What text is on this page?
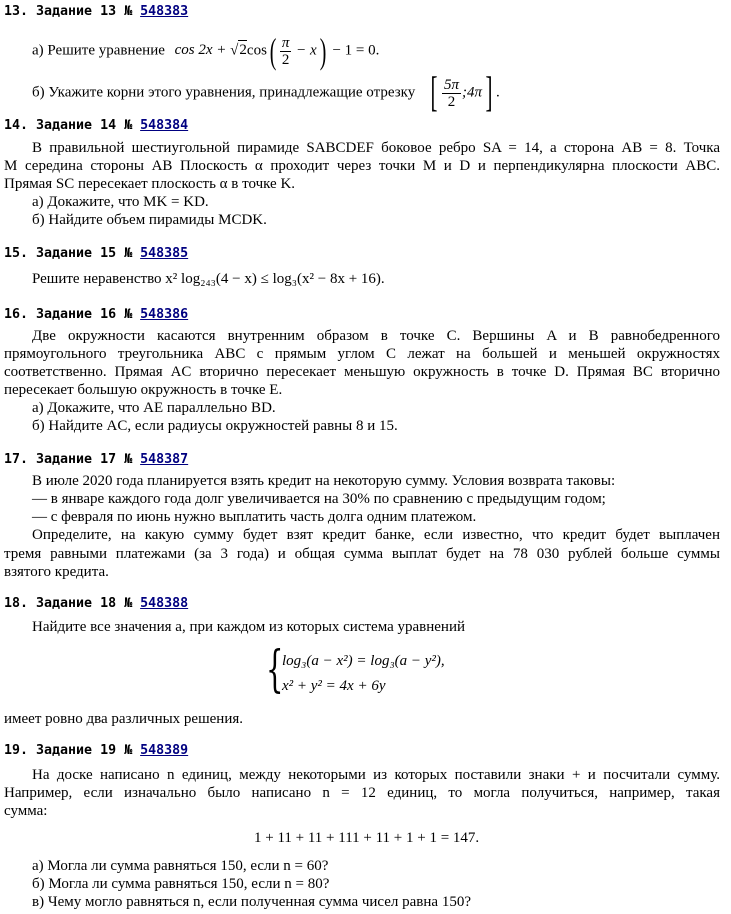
13. Задание 13 № 548383
а) Решите уравнение $\cos 2x + √2\cos( \frac{\pi}{2} - x) - 1 = 0$.
б) Укажите корни этого уравнения, принадлежащие отрезку [ $\frac{5\pi}{2}$ ;4π] .
14. Задание 14 № 548384
В правильной шестиугольной пирамиде SABCDEF боковое ребро SA = 14, а сторона AB = 8. Точка
M середина стороны AB Плоскость α проходит через точки M и D и перпендикулярна плоскости ABC.
Прямая SC пересекает плоскость α в точке K.
а) Докажите, что MK = KD.
б) Найдите объем пирамиды MCDK.
15. Задание 15 № 548385
Решите неравенство x² log₂₄₃(4 − x) ≤ log₃(x² − 8x + 16).
16. Задание 16 № 548386
Две окружности касаются внутренним образом в точке C. Вершины A и B равнобедренного
прямоугольного треугольника ABC с прямым углом C лежат на большей и меньшей окружностях
соответственно. Прямая AC вторично пересекает меньшую окружность в точке D. Прямая BC вторично
пересекает большую окружность в точке E.
а) Докажите, что AE параллельно BD.
б) Найдите AC, если радиусы окружностей равны 8 и 15.
17. Задание 17 № 548387
В июле 2020 года планируется взять кредит на некоторую сумму. Условия возврата таковы:
— в январе каждого года долг увеличивается на 30% по сравнению с предыдущим годом;
— с февраля по июнь нужно выплатить часть долга одним платежом.
Определите, на какую сумму будет взят кредит банке, если известно, что кредит будет выплачен
тремя равными платежами (за 3 года) и общая сумма выплат будет на 78 030 рублей больше суммы
взятого кредита.
18. Задание 18 № 548388
Найдите все значения a, при каждом из которых система уравнений
{
log₃(a − x²) = log₃(a − y²),
x² + y² = 4x + 6y
имеет ровно два различных решения.
19. Задание 19 № 548389
На доске написано n единиц, между некоторыми из которых поставили знаки + и посчитали сумму.
Например, если изначально было написано n = 12 единиц, то могла получиться, например, такая
сумма:
1 + 11 + 11 + 111 + 11 + 1 + 1 = 147.
а) Могла ли сумма равняться 150, если n = 60?
б) Могла ли сумма равняться 150, если n = 80?
в) Чему могло равняться n, если полученная сумма чисел равна 150?
